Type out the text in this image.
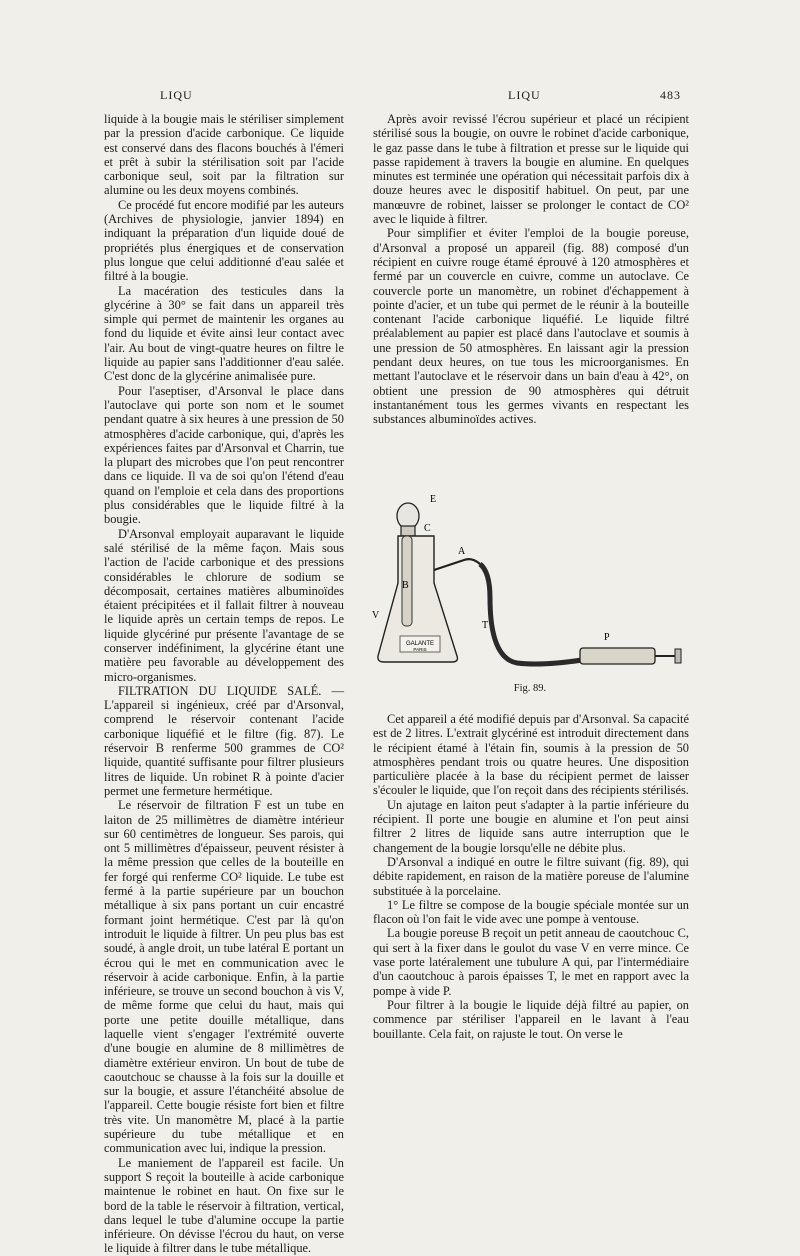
LIQU	LIQU	483

liquide à la bougie mais le stériliser simplement par la pression d'acide carbonique. Ce liquide est conservé dans des flacons bouchés à l'émeri et prêt à subir la stérilisation soit par l'acide carbonique seul, soit par la filtration sur alumine ou les deux moyens combinés.

Ce procédé fut encore modifié par les auteurs (Archives de physiologie, janvier 1894) en indiquant la préparation d'un liquide doué de propriétés plus énergiques et de conservation plus longue que celui additionné d'eau salée et filtré à la bougie.

La macération des testicules dans la glycérine à 30° se fait dans un appareil très simple qui permet de maintenir les organes au fond du liquide et évite ainsi leur contact avec l'air. Au bout de vingt-quatre heures on filtre le liquide au papier sans l'additionner d'eau salée. C'est donc de la glycérine animalisée pure.

Pour l'aseptiser, d'Arsonval le place dans l'autoclave qui porte son nom et le soumet pendant quatre à six heures à une pression de 50 atmosphères d'acide carbonique, qui, d'après les expériences faites par d'Arsonval et Charrin, tue la plupart des microbes que l'on peut rencontrer dans ce liquide. Il va de soi qu'on l'étend d'eau quand on l'emploie et cela dans des proportions plus considérables que le liquide filtré à la bougie.

D'Arsonval employait auparavant le liquide salé stérilisé de la même façon. Mais sous l'action de l'acide carbonique et des pressions considérables le chlorure de sodium se décomposait, certaines matières albuminoïdes étaient précipitées et il fallait filtrer à nouveau le liquide après un certain temps de repos. Le liquide glycériné pur présente l'avantage de se conserver indéfiniment, la glycérine étant une matière peu favorable au développement des micro-organismes.

FILTRATION DU LIQUIDE SALÉ. — L'appareil si ingénieux, créé par d'Arsonval, comprend le réservoir contenant l'acide carbonique liquéfié et le filtre (fig. 87). Le réservoir B renferme 500 grammes de CO² liquide, quantité suffisante pour filtrer plusieurs litres de liquide. Un robinet R à pointe d'acier permet une fermeture hermétique.

Le réservoir de filtration F est un tube en laiton de 25 millimètres de diamètre intérieur sur 60 centimètres de longueur. Ses parois, qui ont 5 millimètres d'épaisseur, peuvent résister à la même pression que celles de la bouteille en fer forgé qui renferme CO² liquide. Le tube est fermé à la partie supérieure par un bouchon métallique à six pans portant un cuir encastré formant joint hermétique. C'est par là qu'on introduit le liquide à filtrer. Un peu plus bas est soudé, à angle droit, un tube latéral E portant un écrou qui le met en communication avec le réservoir à acide carbonique. Enfin, à la partie inférieure, se trouve un second bouchon à vis V, de même forme que celui du haut, mais qui porte une petite douille métallique, dans laquelle vient s'engager l'extrémité ouverte d'une bougie en alumine de 8 millimètres de diamètre extérieur environ. Un bout de tube de caoutchouc se chausse à la fois sur la douille et sur la bougie, et assure l'étanchéité absolue de l'appareil. Cette bougie résiste fort bien et filtre très vite. Un manomètre M, placé à la partie supérieure du tube métallique et en communication avec lui, indique la pression.

Le maniement de l'appareil est facile. Un support S reçoit la bouteille à acide carbonique maintenue le robinet en haut. On fixe sur le bord de la table le réservoir à filtration, vertical, dans lequel le tube d'alumine occupe la partie inférieure. On dévisse l'écrou du haut, on verse le liquide à filtrer dans le tube métallique.

Après avoir revissé l'écrou supérieur et placé un récipient stérilisé sous la bougie, on ouvre le robinet d'acide carbonique, le gaz passe dans le tube à filtration et presse sur le liquide qui passe rapidement à travers la bougie en alumine. En quelques minutes est terminée une opération qui nécessitait parfois dix à douze heures avec le dispositif habituel. On peut, par une manœuvre de robinet, laisser se prolonger le contact de CO² avec le liquide à filtrer.

Pour simplifier et éviter l'emploi de la bougie poreuse, d'Arsonval a proposé un appareil (fig. 88) composé d'un récipient en cuivre rouge étamé éprouvé à 120 atmosphères et fermé par un couvercle en cuivre, comme un autoclave. Ce couvercle porte un manomètre, un robinet d'échappement à pointe d'acier, et un tube qui permet de le réunir à la bouteille contenant l'acide carbonique liquéfié. Le liquide filtré préalablement au papier est placé dans l'autoclave et soumis à une pression de 50 atmosphères. En laissant agir la pression pendant deux heures, on tue tous les microorganismes. En mettant l'autoclave et le réservoir dans un bain d'eau à 42°, on obtient une pression de 90 atmosphères qui détruit instantanément tous les germes vivants en respectant les substances albuminoïdes actives.

GALANTE
PARIS
E
C
A
B
V
T
P
Fig. 89.

Cet appareil a été modifié depuis par d'Arsonval. Sa capacité est de 2 litres. L'extrait glycériné est introduit directement dans le récipient étamé à l'étain fin, soumis à la pression de 50 atmosphères pendant trois ou quatre heures. Une disposition particulière placée à la base du récipient permet de laisser s'écouler le liquide, que l'on reçoit dans des récipients stérilisés.

Un ajutage en laiton peut s'adapter à la partie inférieure du récipient. Il porte une bougie en alumine et l'on peut ainsi filtrer 2 litres de liquide sans autre interruption que le changement de la bougie lorsqu'elle ne débite plus.

D'Arsonval a indiqué en outre le filtre suivant (fig. 89), qui débite rapidement, en raison de la matière poreuse de l'alumine substituée à la porcelaine.

1° Le filtre se compose de la bougie spéciale montée sur un flacon où l'on fait le vide avec une pompe à ventouse.

La bougie poreuse B reçoit un petit anneau de caoutchouc C, qui sert à la fixer dans le goulot du vase V en verre mince. Ce vase porte latéralement une tubulure A qui, par l'intermédiaire d'un caoutchouc à parois épaisses T, le met en rapport avec la pompe à vide P.

Pour filtrer à la bougie le liquide déjà filtré au papier, on commence par stériliser l'appareil en le lavant à l'eau bouillante. Cela fait, on rajuste le tout. On verse le
